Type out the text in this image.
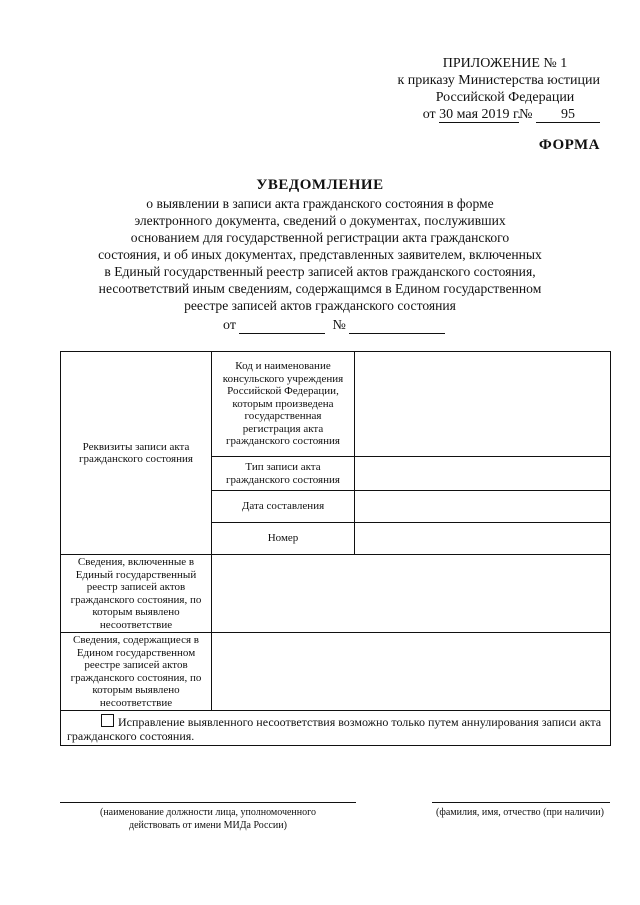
ПРИЛОЖЕНИЕ № 1
к приказу Министерства юстиции
Российской Федерации
от 30 мая 2019 г.№ 95
ФОРМА
УВЕДОМЛЕНИЕ
о выявлении в записи акта гражданского состояния в форме
электронного документа, сведений о документах, послуживших
основанием для государственной регистрации акта гражданского
состояния, и об иных документах, представленных заявителем, включенных
в Единый государственный реестр записей актов гражданского состояния,
несоответствий иным сведениям, содержащимся в Едином государственном
реестре записей актов гражданского состояния
от	№
Реквизиты записи акта гражданского состояния	Код и наименование консульского учреждения Российской Федерации, которым произведена государственная регистрация акта гражданского состояния	
	Тип записи акта гражданского состояния	
	Дата составления	
	Номер	
Сведения, включенные в Единый государственный реестр записей актов гражданского состояния, по которым выявлено несоответствие		
Сведения, содержащиеся в Едином государственном реестре записей актов гражданского состояния, по которым выявлено несоответствие		
Исправление выявленного несоответствия возможно только путем аннулирования записи акта гражданского состояния.		
(наименование должности лица, уполномоченного
действовать от имени МИДа России)
(фамилия, имя, отчество (при наличии)
